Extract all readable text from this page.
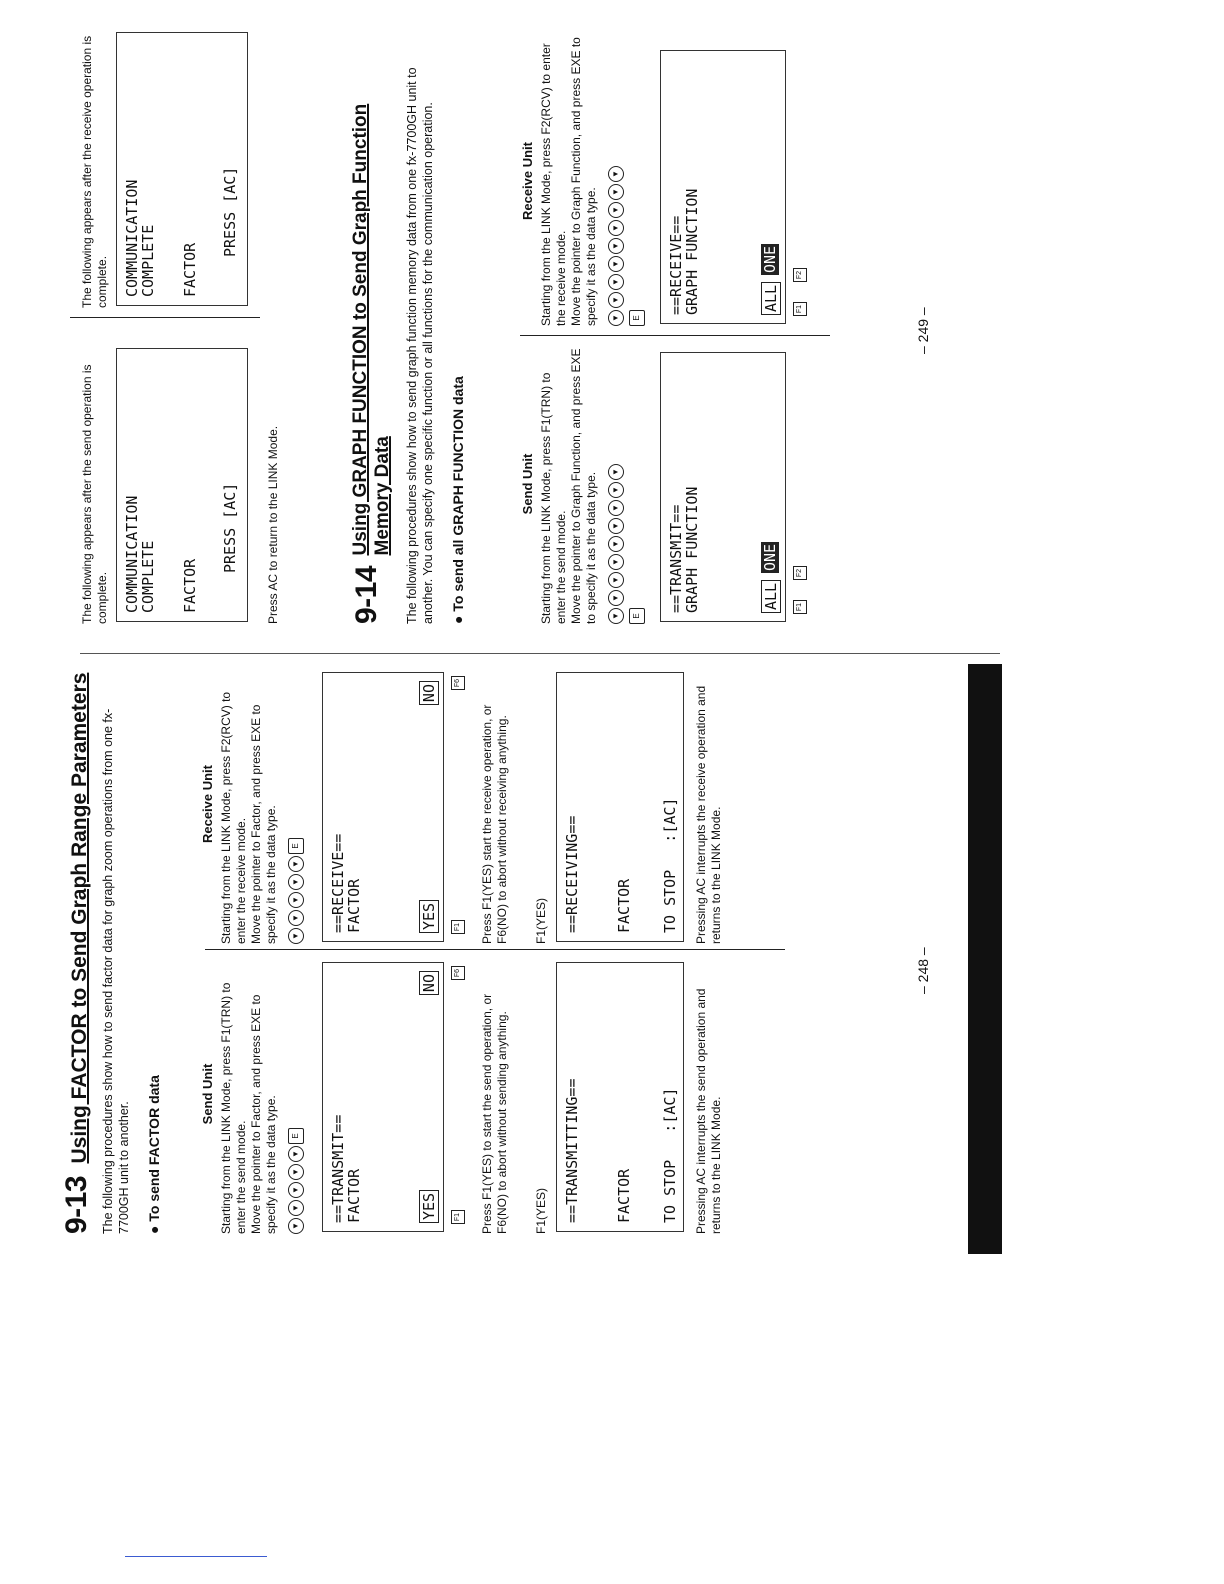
9-13 Using FACTOR to Send Graph Range Parameters The following procedures show how to send factor data for graph zoom operations from one fx-7700GH unit to another. ● To send FACTOR data	Send Unit Starting from the LINK Mode, press F1(TRN) to enter the send mode. Move the pointer to Factor, and press EXE to specify it as the data type.	▼▼▼▼▼E ==TRANSMIT==
FACTOR	YES
NO
F1
F6
Press F1(YES) to start the send operation, or F6(NO) to abort without sending anything. F1(YES) ==TRANSMITTING== FACTOR TO STOP   :[AC] Pressing AC interrupts the send operation and returns to the LINK Mode.
Receive Unit Starting from the LINK Mode, press F2(RCV) to enter the receive mode. Move the pointer to Factor, and press EXE to specify it as the data type.	▼▼▼▼▼E ==RECEIVE==
FACTOR	YES
NO
F1
F6
Press F1(YES) start the receive operation, or F6(NO) to abort without receiving anything. F1(YES) ==RECEIVING== FACTOR TO STOP   :[AC] Pressing AC interrupts the receive operation and returns to the LINK Mode.
– 248 –
The following appears after the send operation is complete. COMMUNICATION
COMPLETE FACTOR
PRESS [AC] Press AC to return to the LINK Mode.
The following appears after the receive operation is complete. COMMUNICATION
COMPLETE FACTOR
PRESS [AC]
9-14
Using GRAPH FUNCTION to Send Graph Function Memory Data The following procedures show how to send graph function memory data from one fx-7700GH unit to another. You can specify one specific function or all functions for the communication operation. ● To send all GRAPH FUNCTION data	Send Unit Starting from the LINK Mode, press F1(TRN) to enter the send mode. Move the pointer to Graph Function, and press EXE to specify it as the data type.	▼▼▼▼▼▼▼▼▼
E
==TRANSMIT==
GRAPH FUNCTION	ALL
ONE
F1
F2
Receive Unit Starting from the LINK Mode, press F2(RCV) to enter the receive mode. Move the pointer to Graph Function, and press EXE to specify it as the data type.	▼▼▼▼▼▼▼▼▼
E
==RECEIVE==
GRAPH FUNCTION	ALL
ONE
F1
F2
– 249 –
